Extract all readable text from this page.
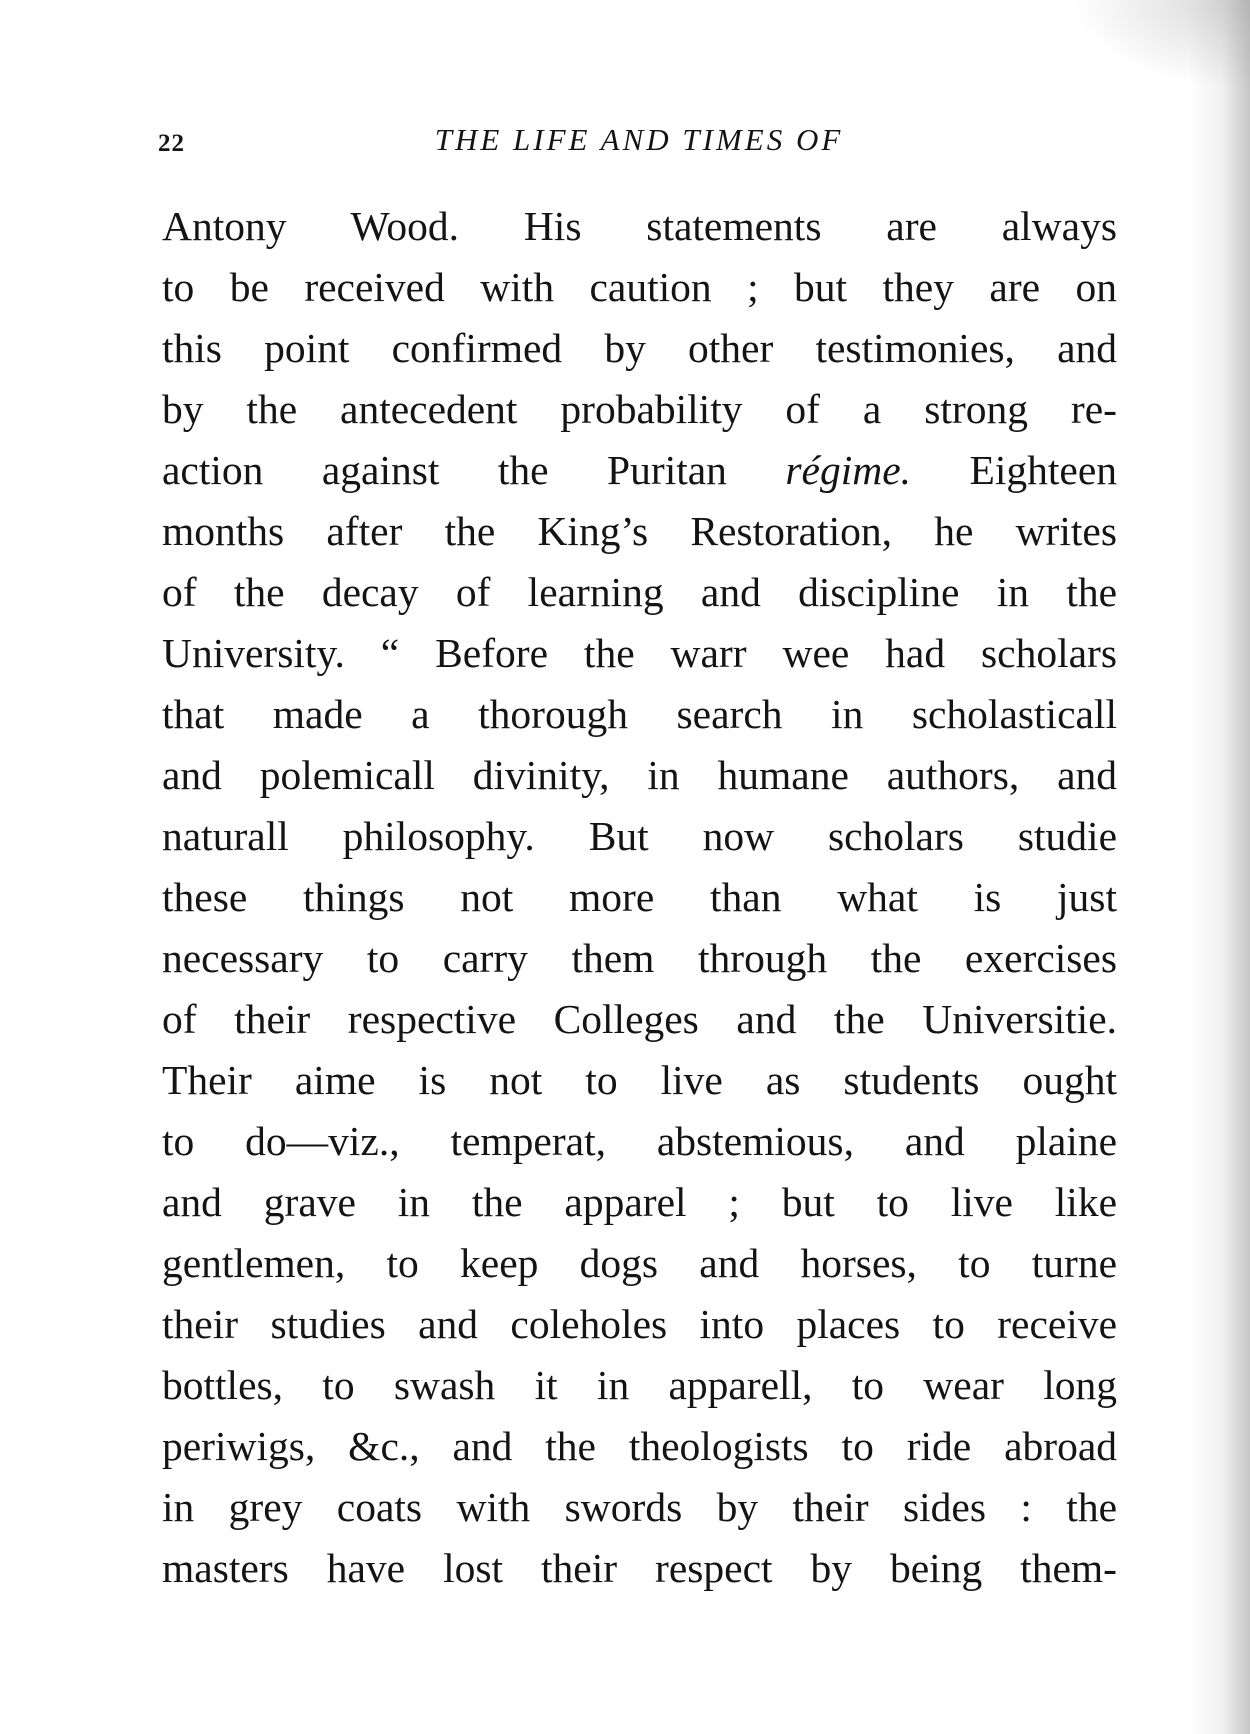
22	THE LIFE AND TIMES OF
Antony Wood. His statements are always
to be received with caution ; but they are on
this point confirmed by other testimonies, and
by the antecedent probability of a strong re-
action against the Puritan régime. Eighteen
months after the King’s Restoration, he writes
of the decay of learning and discipline in the
University. “ Before the warr wee had scholars
that made a thorough search in scholasticall
and polemicall divinity, in humane authors, and
naturall philosophy. But now scholars studie
these things not more than what is just
necessary to carry them through the exercises
of their respective Colleges and the Universitie.
Their aime is not to live as students ought
to do—viz., temperat, abstemious, and plaine
and grave in the apparel ; but to live like
gentlemen, to keep dogs and horses, to turne
their studies and coleholes into places to receive
bottles, to swash it in apparell, to wear long
periwigs, &c., and the theologists to ride abroad
in grey coats with swords by their sides : the
masters have lost their respect by being them-
